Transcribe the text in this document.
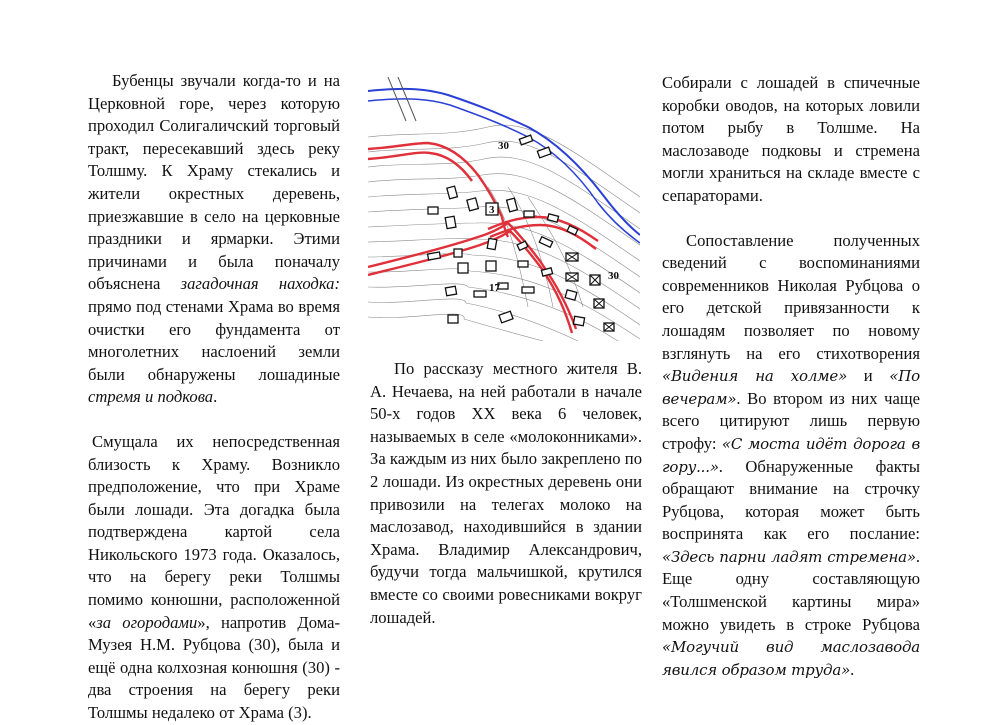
Бубенцы звучали когда-то и на Церковной горе, через которую проходил Солигаличский торговый тракт, пересекавший здесь реку Толшму. К Храму стекались и жители окрестных деревень, приезжавшие в село на церковные праздники и ярмарки. Этими причинами и была поначалу объяснена загадочная находка: прямо под стенами Храма во время очистки его фундамента от многолетних наслоений земли были обнаружены лошадиные стремя и подкова.

Смущала их непосредственная близость к Храму. Возникло предположение, что при Храме были лошади. Эта догадка была подтверждена картой села Никольского 1973 года. Оказалось, что на берегу реки Толшмы помимо конюшни, расположенной «за огородами», напротив Дома-Музея Н.М. Рубцова (30), была и ещё одна колхозная конюшня (30) - два строения на берегу реки Толшмы недалеко от Храма (3).

30
3
17
30

По рассказу местного жителя В. А. Нечаева, на ней работали в начале 50-х годов XX века 6 человек, называемых в селе «молоконниками». За каждым из них было закреплено по 2 лошади. Из окрестных деревень они привозили на телегах молоко на маслозавод, находившийся в здании Храма. Владимир Александрович, будучи тогда мальчишкой, крутился вместе со своими ровесниками вокруг лошадей.

Собирали с лошадей в спичечные коробки оводов, на которых ловили потом рыбу в Толшме. На маслозаводе подковы и стремена могли храниться на складе вместе с сепараторами.

Сопоставление полученных сведений с воспоминаниями современников Николая Рубцова о его детской привязанности к лошадям позволяет по новому взглянуть на его стихотворения «Видения на холме» и «По вечерам». Во втором из них чаще всего цитируют лишь первую строфу: «С моста идёт дорога в гору...». Обнаруженные факты обращают внимание на строчку Рубцова, которая может быть воспринята как его послание: «Здесь парни ладят стремена». Еще одну составляющую «Толшменской картины мира» можно увидеть в строке Рубцова «Могучий вид маслозавода явился образом труда».
